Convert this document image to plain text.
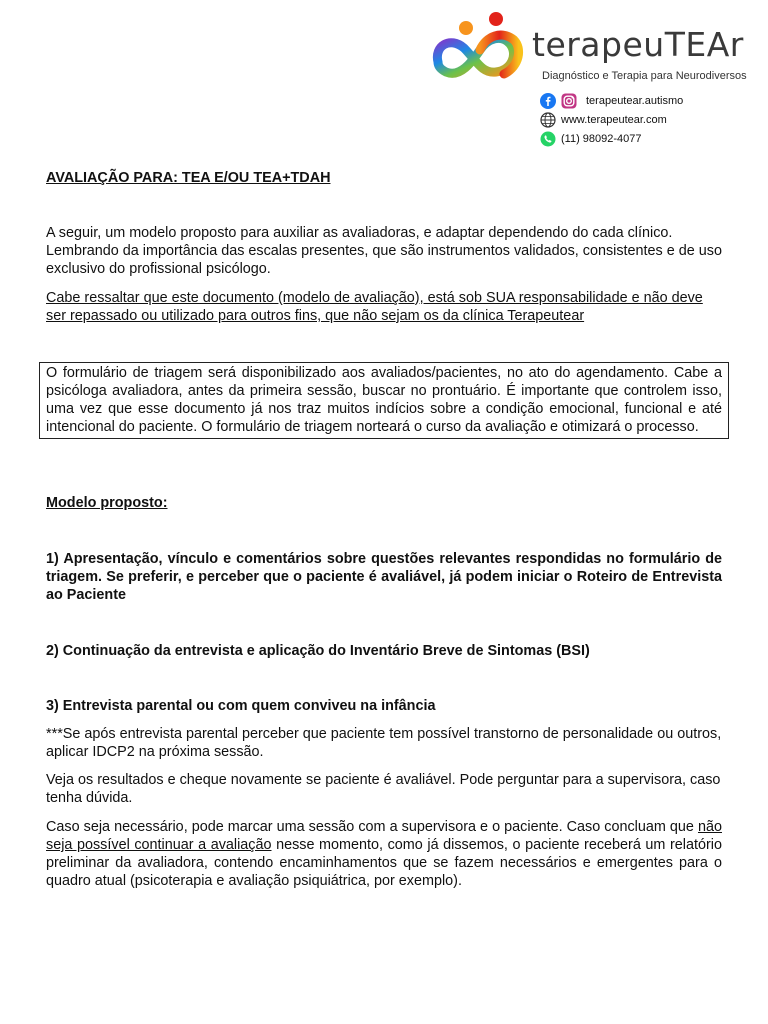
terapeuTEAr
Diagnóstico e Terapia para Neurodiversos
terapeutear.autismo
www.terapeutear.com
(11) 98092-4077
AVALIAÇÃO PARA: TEA E/OU TEA+TDAH

A seguir, um modelo proposto para auxiliar as avaliadoras, e adaptar dependendo do cada clínico. Lembrando da importância das escalas presentes, que são instrumentos validados, consistentes e de uso exclusivo do profissional psicólogo.

Cabe ressaltar que este documento (modelo de avaliação), está sob SUA responsabilidade e não deve ser repassado ou utilizado para outros fins, que não sejam os da clínica Terapeutear

O formulário de triagem será disponibilizado aos avaliados/pacientes, no ato do agendamento. Cabe a psicóloga avaliadora, antes da primeira sessão, buscar no prontuário. É importante que controlem isso, uma vez que esse documento já nos traz muitos indícios sobre a condição emocional, funcional e até intencional do paciente. O formulário de triagem norteará o curso da avaliação e otimizará o processo.
Modelo proposto:

1) Apresentação, vínculo e comentários sobre questões relevantes respondidas no formulário de triagem. Se preferir, e perceber que o paciente é avaliável, já podem iniciar o Roteiro de Entrevista ao Paciente

2) Continuação da entrevista e aplicação do Inventário Breve de Sintomas (BSI)

3) Entrevista parental ou com quem conviveu na infância

***Se após entrevista parental perceber que paciente tem possível transtorno de personalidade ou outros, aplicar IDCP2 na próxima sessão.

Veja os resultados e cheque novamente se paciente é avaliável. Pode perguntar para a supervisora, caso tenha dúvida.

Caso seja necessário, pode marcar uma sessão com a supervisora e o paciente. Caso concluam que não seja possível continuar a avaliação nesse momento, como já dissemos, o paciente receberá um relatório preliminar da avaliadora, contendo encaminhamentos que se fazem necessários e emergentes para o quadro atual (psicoterapia e avaliação psiquiátrica, por exemplo).
